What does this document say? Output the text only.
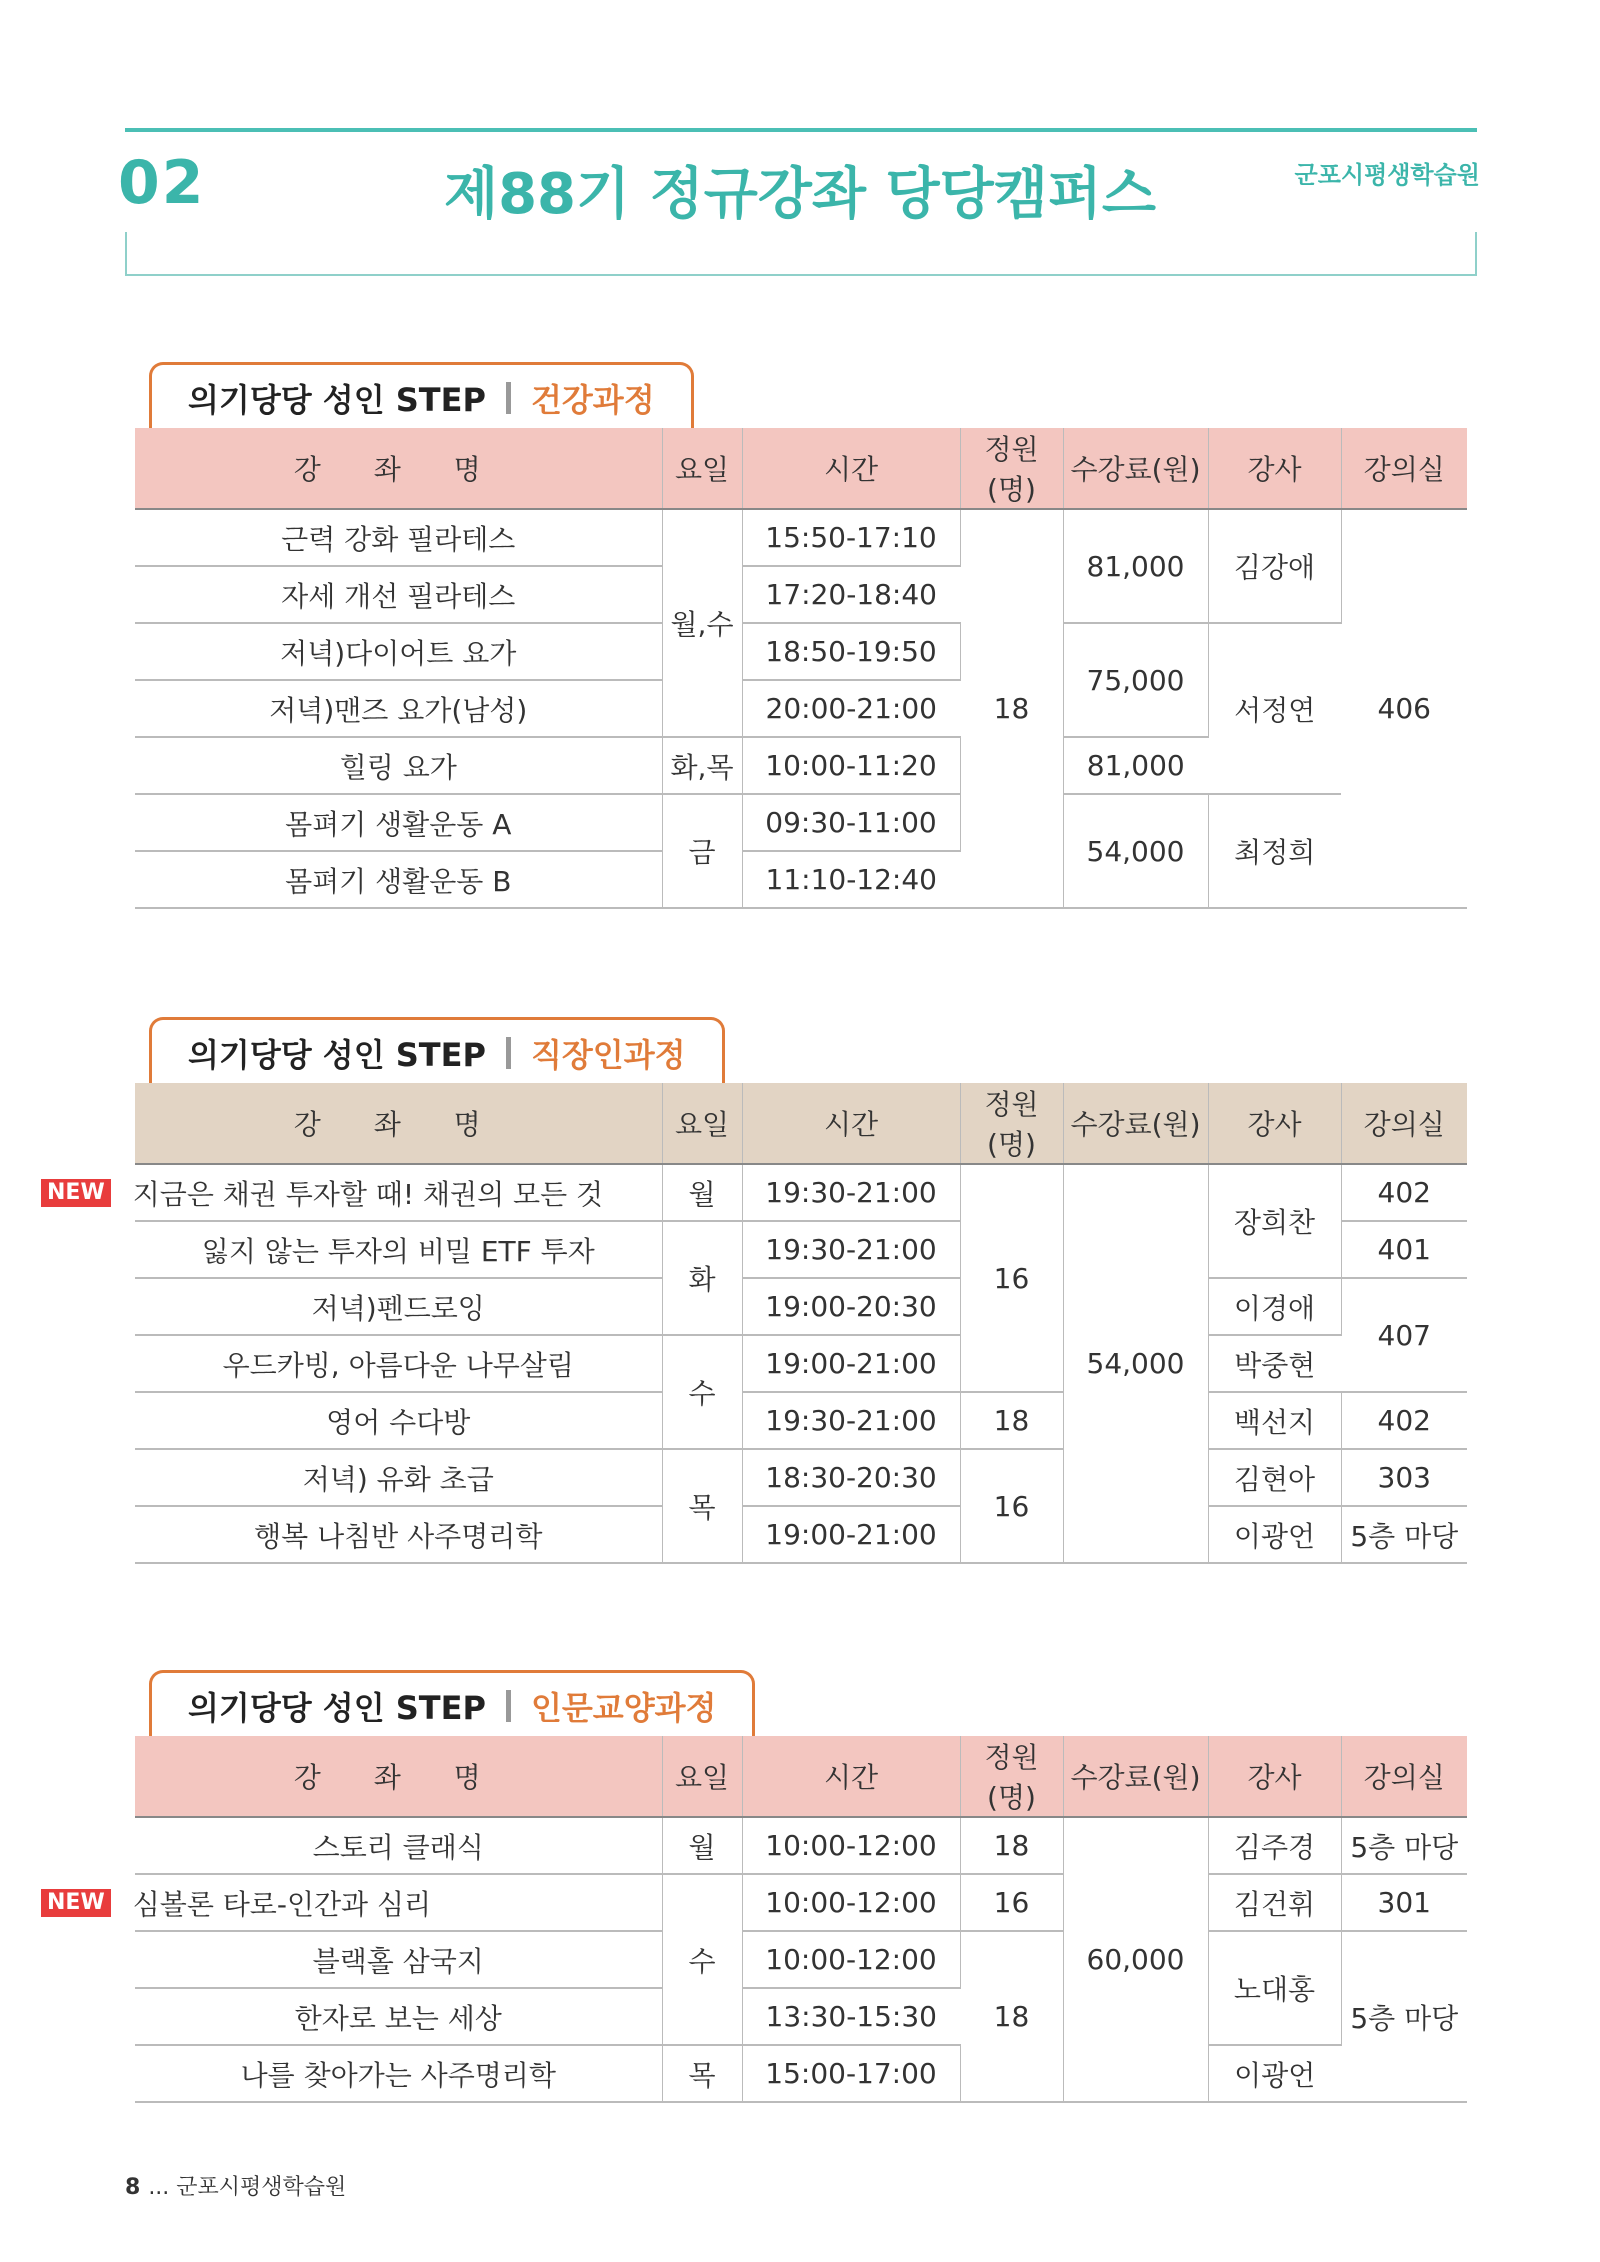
02	제88기 정규강좌 당당캠퍼스	군포시평생학습원
의기당당 성인 STEP 건강과정
강 좌 명	요일	시간	정원(명)	수강료(원)	강사	강의실
근력 강화 필라테스	월,수	15:50-17:10	18	81,000	김강애	406
자세 개선 필라테스		17:20-18:40				
저녁)다이어트 요가		18:50-19:50		75,000	서정연	
저녁)맨즈 요가(남성)		20:00-21:00				
힐링 요가	화,목	10:00-11:20		81,000		
몸펴기 생활운동 A	금	09:30-11:00		54,000	최정희	
몸펴기 생활운동 B		11:10-12:40				
의기당당 성인 STEP 직장인과정
강 좌 명	요일	시간	정원(명)	수강료(원)	강사	강의실

NEW 지금은 채권 투자할 때! 채권의 모든 것	월	19:30-21:00	16	54,000	장희찬	402
잃지 않는 투자의 비밀 ETF 투자	화	19:30-21:00				401
저녁)펜드로잉		19:00-20:30			이경애	407
우드카빙, 아름다운 나무살림	수	19:00-21:00			박중현	
영어 수다방		19:30-21:00	18		백선지	402
저녁) 유화 초급	목	18:30-20:30	16		김현아	303
행복 나침반 사주명리학		19:00-21:00			이광언	5층 마당
의기당당 성인 STEP 인문교양과정
강 좌 명	요일	시간	정원(명)	수강료(원)	강사	강의실
스토리 클래식	월	10:00-12:00	18	60,000	김주경	5층 마당

NEW 심볼론 타로-인간과 심리	수	10:00-12:00	16		김건휘	301
블랙홀 삼국지		10:00-12:00	18		노대홍	5층 마당
한자로 보는 세상		13:30-15:30				
나를 찾아가는 사주명리학	목	15:00-17:00			이광언	
8 ... 군포시평생학습원
